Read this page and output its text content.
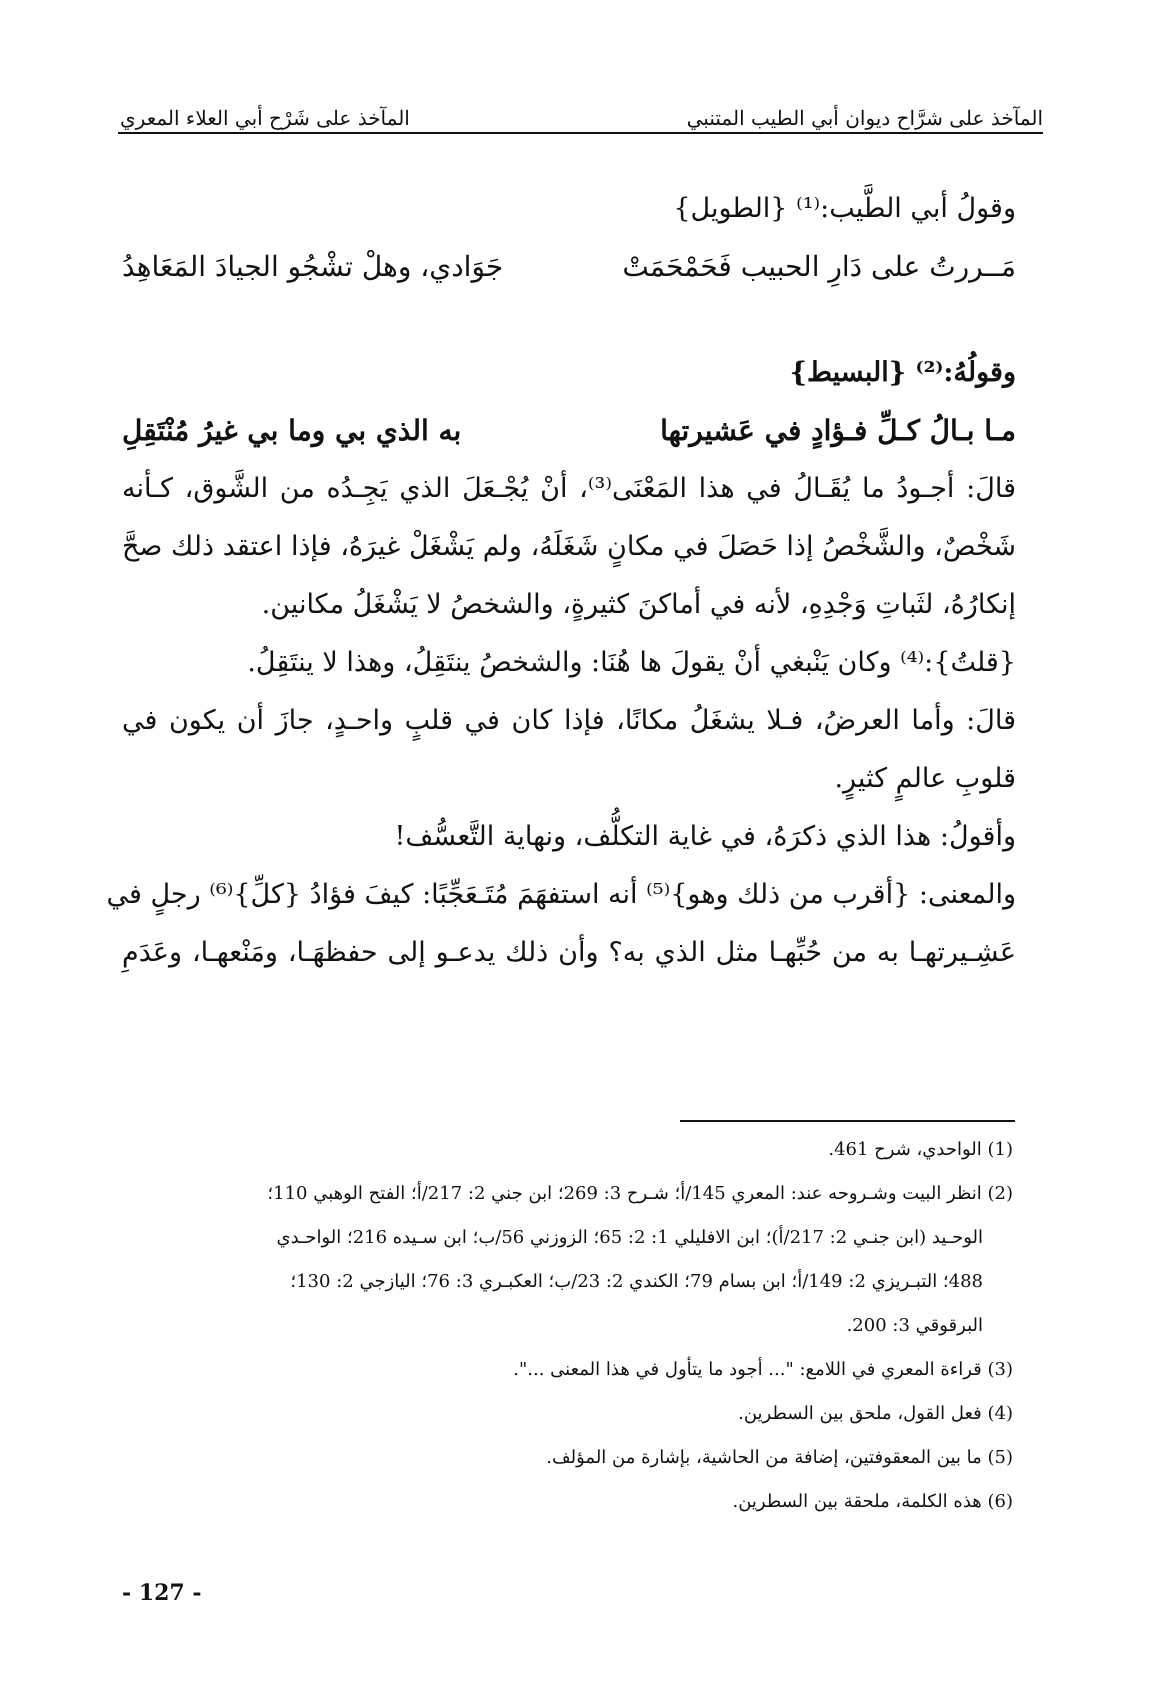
المآخذ على شرَّاح ديوان أبي الطيب المتنبي
المآخذ على شَرْح أبي العلاء المعري
وقولُ أبي الطَّيب:⁽¹⁾ {الطويل}
مَــررتُ على دَارِ الحبيب فَحَمْحَمَتْ
جَوَادي، وهلْ تشْجُو الجيادَ المَعَاهِدُ
وقولُهُ:⁽²⁾ {البسيط}
مـا بـالُ كـلِّ فـؤادٍ في عَشيرتها
به الذي بي وما بي غيرُ مُنْتَقِلِ
قالَ: أجـودُ ما يُقَـالُ في هذا المَعْنَى⁽³⁾، أنْ يُجْـعَلَ الذي يَجِـدُه من الشَّوق، كـأنه
شَخْصٌ، والشَّخْصُ إذا حَصَلَ في مكانٍ شَغَلَهُ، ولم يَشْغَلْ غيرَهُ، فإذا اعتقد ذلك صحَّ
إنكارُهُ، لثَباتِ وَجْدِهِ، لأنه في أماكنَ كثيرةٍ، والشخصُ لا يَشْغَلُ مكانين.
{قلتُ}:⁽⁴⁾ وكان يَنْبغي أنْ يقولَ ها هُنَا: والشخصُ ينتَقِلُ، وهذا لا ينتَقِلُ.
قالَ: وأما العرضُ، فـلا يشغَلُ مكانًا، فإذا كان في قلبٍ واحـدٍ، جازَ أن يكون في
قلوبِ عالمٍ كثيرٍ.
وأقولُ: هذا الذي ذكرَهُ، في غاية التكلُّف، ونهاية التَّعسُّف!
والمعنى: {أقرب من ذلك وهو}⁽⁵⁾ أنه استفهَمَ مُتَـعَجِّبًا: كيفَ فؤادُ {كلِّ}⁽⁶⁾ رجلٍ في
عَشِـيرتهـا به من حُبِّهـا مثل الذي به؟ وأن ذلك يدعـو إلى حفظهَـا، ومَنْعهـا، وعَدَمِ
(1) الواحدي، شرح 461.
(2) انظر البيت وشـروحه عند: المعري 145/أ؛ شـرح 3: 269؛ ابن جني 2: 217/أ؛ الفتح الوهبي 110؛
الوحـيد (ابن جنـي 2: 217/أ)؛ ابن الافليلي 1: 2: 65؛ الزوزني 56/ب؛ ابن سـيده 216؛ الواحـدي
488؛ التبـريزي 2: 149/أ؛ ابن بسام 79؛ الكندي 2: 23/ب؛ العكبـري 3: 76؛ اليازجي 2: 130؛
البرقوقي 3: 200.
(3) قراءة المعري في اللامع: "... أجود ما يتأول في هذا المعنى ...".
(4) فعل القول، ملحق بين السطرين.
(5) ما بين المعقوفتين، إضافة من الحاشية، بإشارة من المؤلف.
(6) هذه الكلمة، ملحقة بين السطرين.
- 127 -
